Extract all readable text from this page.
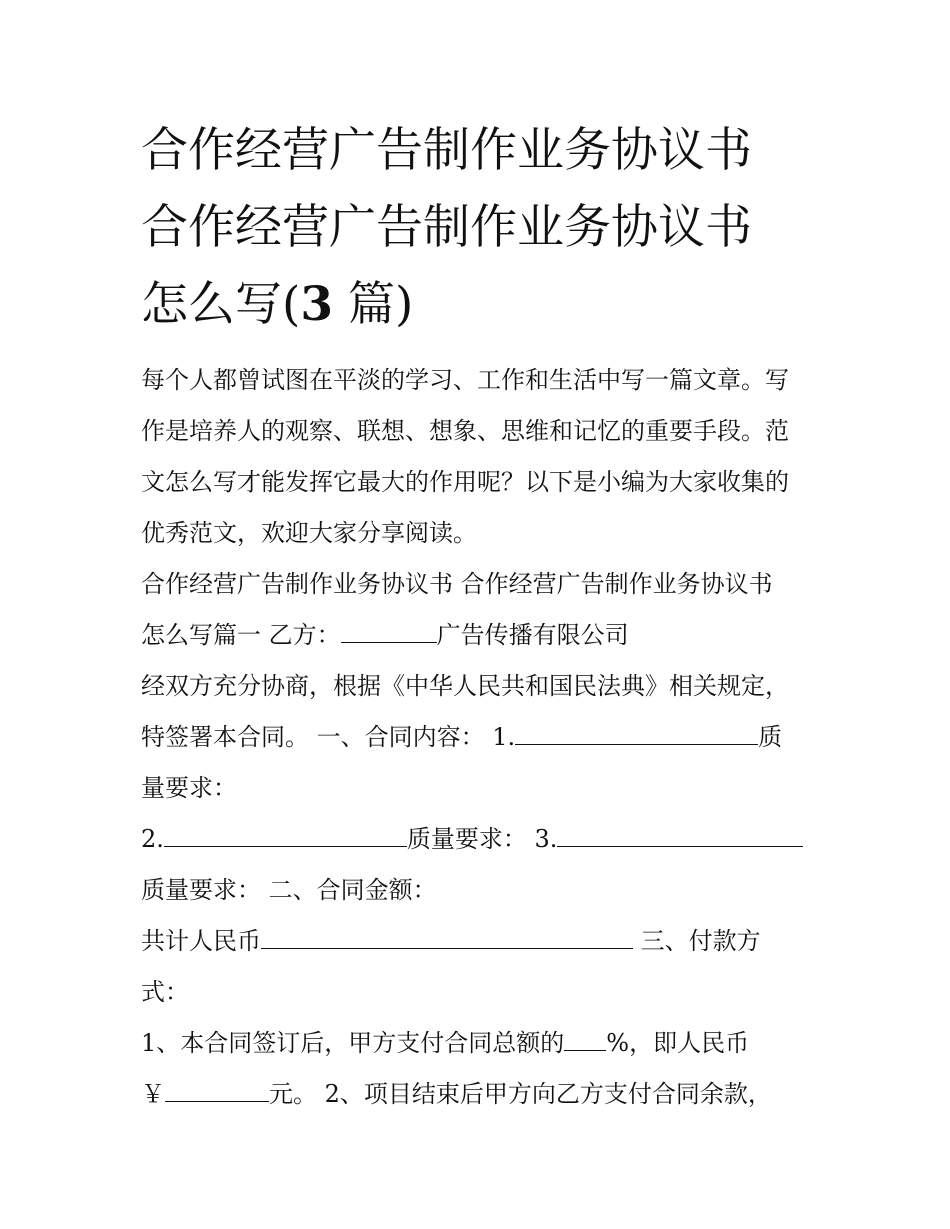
合作经营广告制作业务协议书
合作经营广告制作业务协议书
怎么写(3 篇)
每个人都曾试图在平淡的学习、工作和生活中写一篇文章。写
作是培养人的观察、联想、想象、思维和记忆的重要手段。范
文怎么写才能发挥它最大的作用呢？以下是小编为大家收集的
优秀范文，欢迎大家分享阅读。
合作经营广告制作业务协议书 合作经营广告制作业务协议书
怎么写篇一 乙方：	广告传播有限公司
经双方充分协商，根据《中华人民共和国民法典》相关规定，
特签署本合同。 一、合同内容： 1.	质
量要求：
2.	质量要求： 3.
质量要求： 二、合同金额：
共计人民币	三、付款方
式：
1、本合同签订后，甲方支付合同总额的 %，即人民币
￥	元。 2、项目结束后甲方向乙方支付合同余款，
